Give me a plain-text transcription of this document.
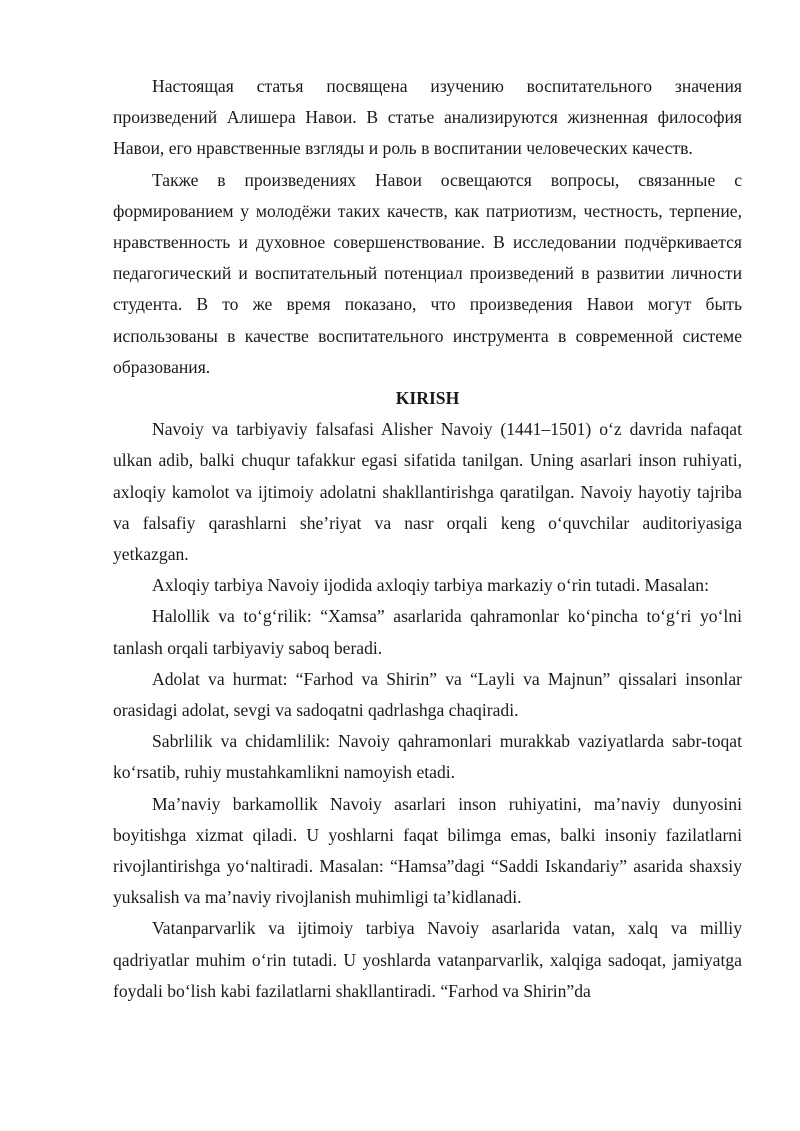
Настоящая статья посвящена изучению воспитательного значения произведений Алишера Навои. В статье анализируются жизненная философия Навои, его нравственные взгляды и роль в воспитании человеческих качеств.

Также в произведениях Навои освещаются вопросы, связанные с формированием у молодёжи таких качеств, как патриотизм, честность, терпение, нравственность и духовное совершенствование. В исследовании подчёркивается педагогический и воспитательный потенциал произведений в развитии личности студента. В то же время показано, что произведения Навои могут быть использованы в качестве воспитательного инструмента в современной системе образования.

KIRISH

Navoiy va tarbiyaviy falsafasi Alisher Navoiy (1441–1501) o‘z davrida nafaqat ulkan adib, balki chuqur tafakkur egasi sifatida tanilgan. Uning asarlari inson ruhiyati, axloqiy kamolot va ijtimoiy adolatni shakllantirishga qaratilgan. Navoiy hayotiy tajriba va falsafiy qarashlarni she’riyat va nasr orqali keng o‘quvchilar auditoriyasiga yetkazgan.

Axloqiy tarbiya Navoiy ijodida axloqiy tarbiya markaziy o‘rin tutadi. Masalan:

Halollik va to‘g‘rilik: “Xamsa” asarlarida qahramonlar ko‘pincha to‘g‘ri yo‘lni tanlash orqali tarbiyaviy saboq beradi.

Adolat va hurmat: “Farhod va Shirin” va “Layli va Majnun” qissalari insonlar orasidagi adolat, sevgi va sadoqatni qadrlashga chaqiradi.

Sabrlilik va chidamlilik: Navoiy qahramonlari murakkab vaziyatlarda sabr-toqat ko‘rsatib, ruhiy mustahkamlikni namoyish etadi.

Ma’naviy barkamollik Navoiy asarlari inson ruhiyatini, ma’naviy dunyosini boyitishga xizmat qiladi. U yoshlarni faqat bilimga emas, balki insoniy fazilatlarni rivojlantirishga yo‘naltiradi. Masalan: “Hamsa”dagi “Saddi Iskandariy” asarida shaxsiy yuksalish va ma’naviy rivojlanish muhimligi ta’kidlanadi.

Vatanparvarlik va ijtimoiy tarbiya Navoiy asarlarida vatan, xalq va milliy qadriyatlar muhim o‘rin tutadi. U yoshlarda vatanparvarlik, xalqiga sadoqat, jamiyatga foydali bo‘lish kabi fazilatlarni shakllantiradi. “Farhod va Shirin”da
